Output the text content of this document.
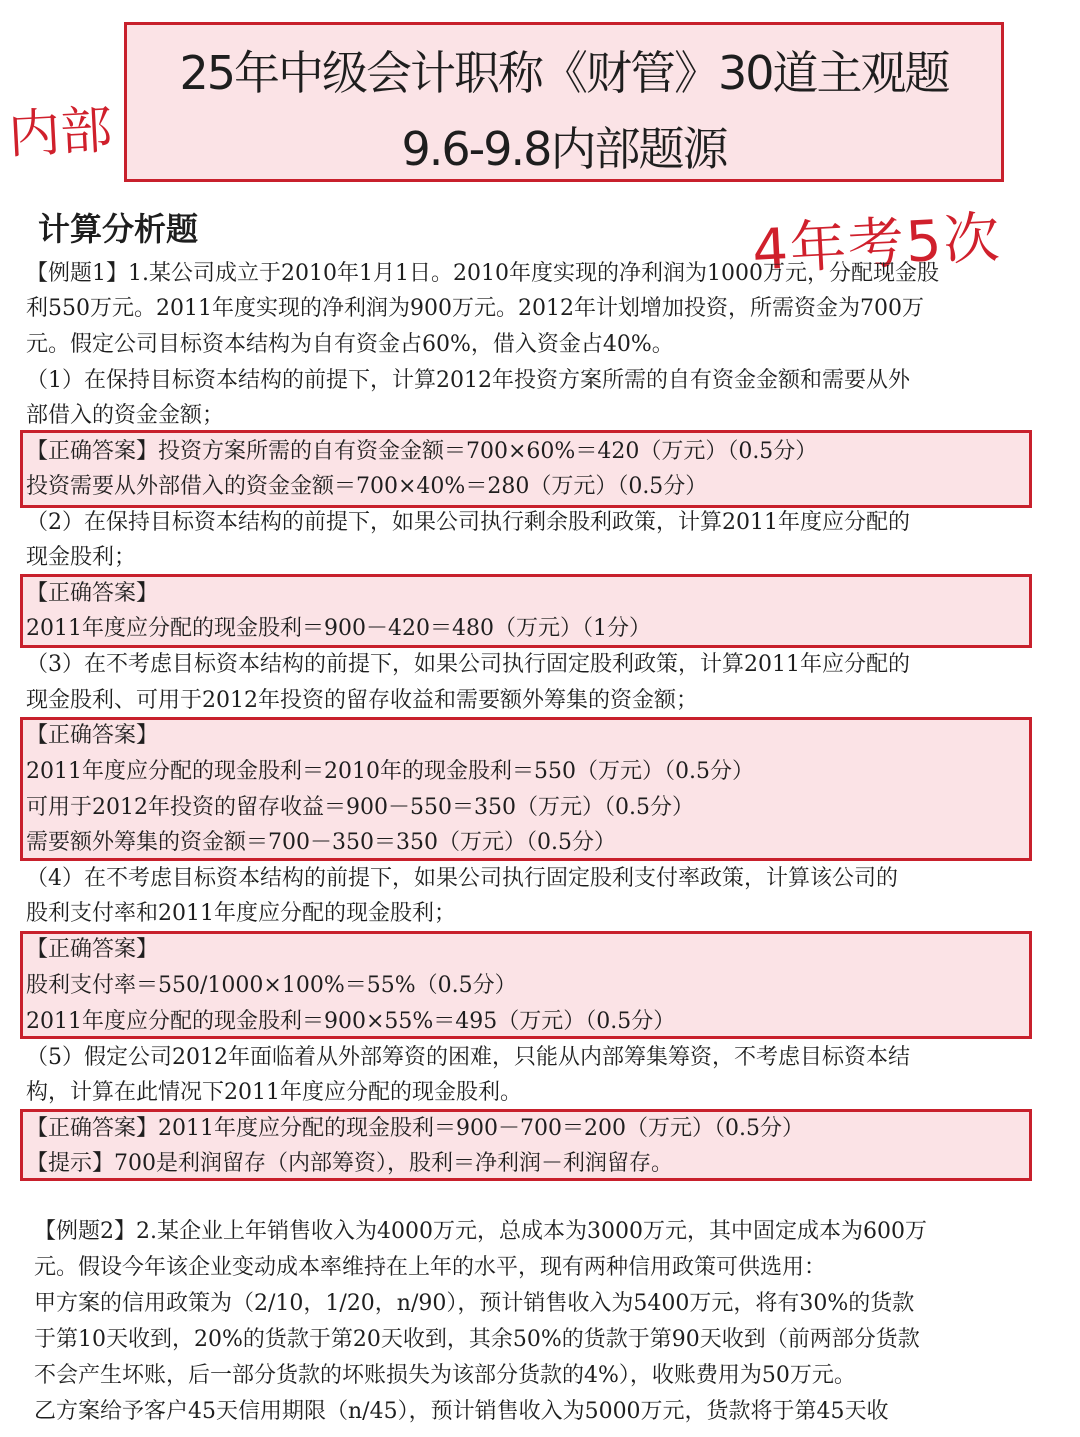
25年中级会计职称《财管》30道主观题
9.6-9.8内部题源
内部
4年考5次
计算分析题
【例题1】1.某公司成立于2010年1月1日。2010年度实现的净利润为1000万元，分配现金股
利550万元。2011年度实现的净利润为900万元。2012年计划增加投资，所需资金为700万
元。假定公司目标资本结构为自有资金占60%，借入资金占40%。
（1）在保持目标资本结构的前提下，计算2012年投资方案所需的自有资金金额和需要从外
部借入的资金金额；
【正确答案】投资方案所需的自有资金金额＝700×60%＝420（万元）（0.5分）
投资需要从外部借入的资金金额＝700×40%＝280（万元）（0.5分）
（2）在保持目标资本结构的前提下，如果公司执行剩余股利政策，计算2011年度应分配的
现金股利；
【正确答案】
2011年度应分配的现金股利＝900－420＝480（万元）（1分）
（3）在不考虑目标资本结构的前提下，如果公司执行固定股利政策，计算2011年应分配的
现金股利、可用于2012年投资的留存收益和需要额外筹集的资金额；
【正确答案】
2011年度应分配的现金股利＝2010年的现金股利＝550（万元）（0.5分）
可用于2012年投资的留存收益＝900－550＝350（万元）（0.5分）
需要额外筹集的资金额＝700－350＝350（万元）（0.5分）
（4）在不考虑目标资本结构的前提下，如果公司执行固定股利支付率政策，计算该公司的
股利支付率和2011年度应分配的现金股利；
【正确答案】
股利支付率＝550/1000×100%＝55%（0.5分）
2011年度应分配的现金股利＝900×55%＝495（万元）（0.5分）
（5）假定公司2012年面临着从外部筹资的困难，只能从内部筹集筹资，不考虑目标资本结
构，计算在此情况下2011年度应分配的现金股利。
【正确答案】2011年度应分配的现金股利＝900－700＝200（万元）（0.5分）
【提示】700是利润留存（内部筹资），股利＝净利润－利润留存。
【例题2】2.某企业上年销售收入为4000万元，总成本为3000万元，其中固定成本为600万
元。假设今年该企业变动成本率维持在上年的水平，现有两种信用政策可供选用：
甲方案的信用政策为（2/10，1/20，n/90），预计销售收入为5400万元，将有30%的货款
于第10天收到，20%的货款于第20天收到，其余50%的货款于第90天收到（前两部分货款
不会产生坏账，后一部分货款的坏账损失为该部分货款的4%），收账费用为50万元。
乙方案给予客户45天信用期限（n/45），预计销售收入为5000万元，货款将于第45天收
